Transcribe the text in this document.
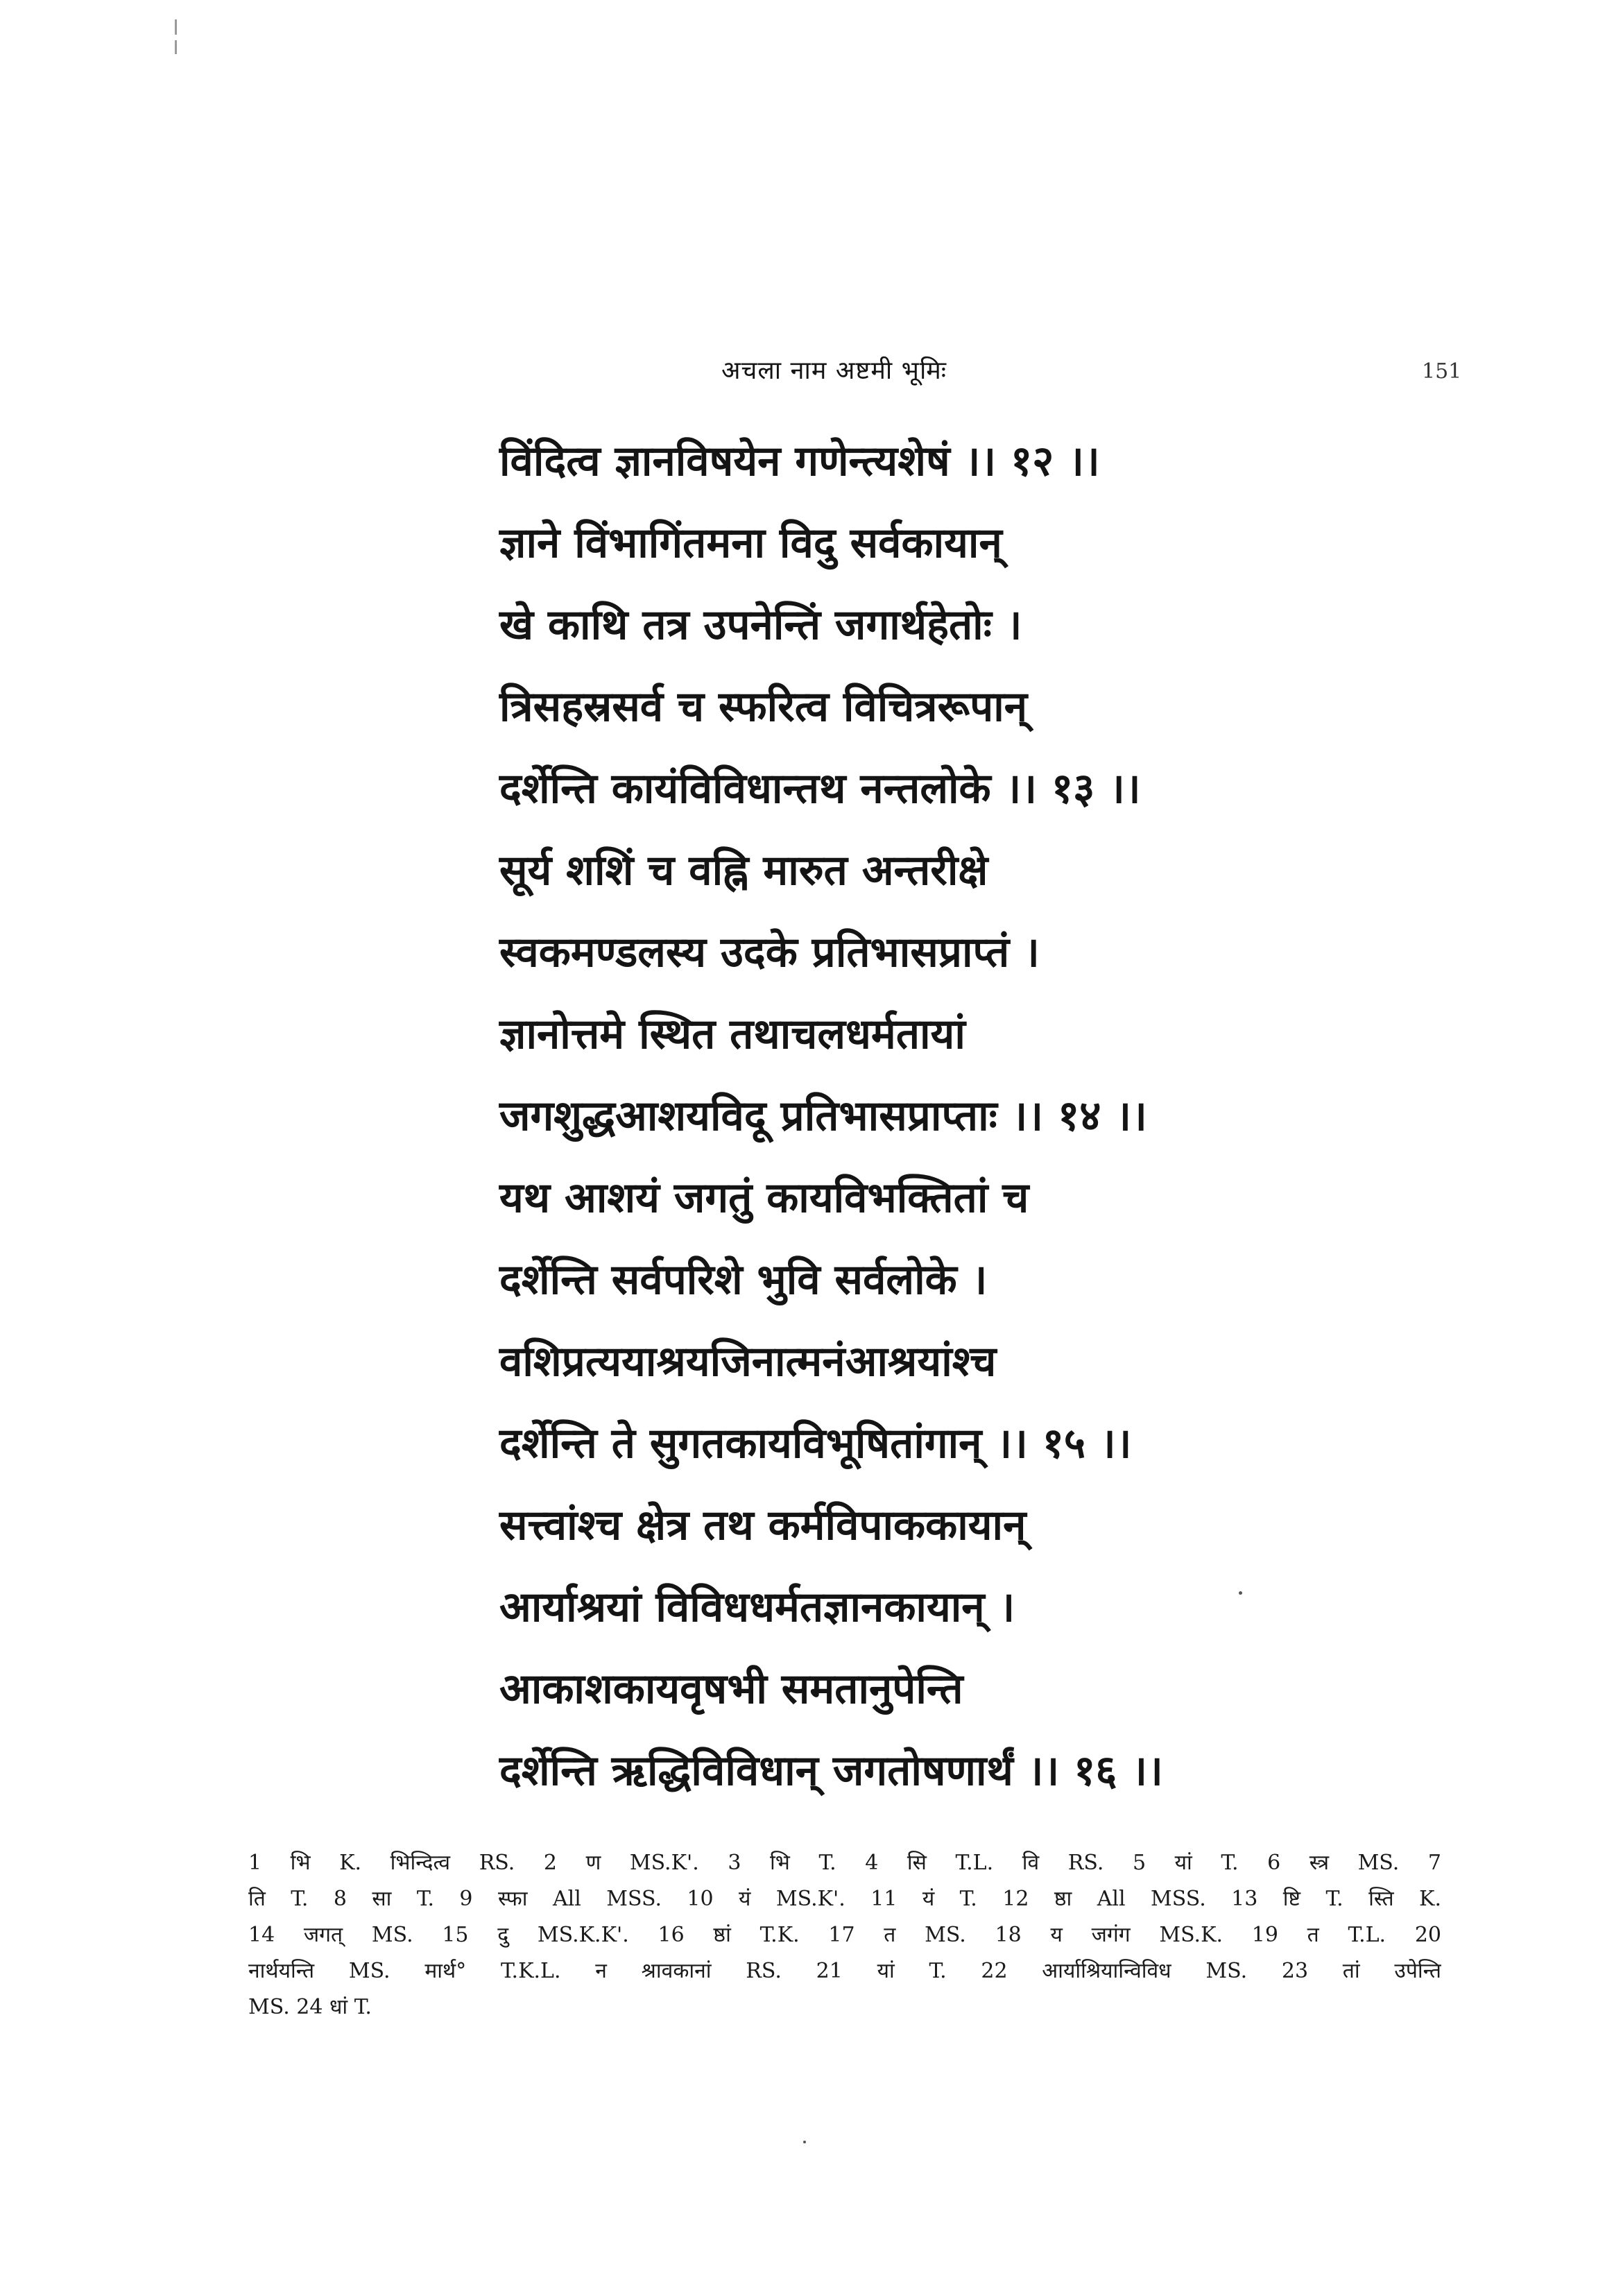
अचला नाम अष्टमी भूमिः	151
विंदित्व ज्ञानविषयेन गणेन्त्यशेषं ।। १२ ।।
ज्ञाने विंभागिंतमना विदु सर्वकायान्
खे काथि तत्र उपनेन्तिं जगार्थहेतोः ।
त्रिसहस्रसर्व च स्फरित्व विचित्ररूपान्
दर्शेन्ति कायंविविधान्तथ नन्तलोके ।। १३ ।।
सूर्य शशिं च वह्नि मारुत अन्तरीक्षे
स्वकमण्डलस्य उदके प्रतिभासप्राप्तं ।
ज्ञानोत्तमे स्थित तथाचलधर्मतायां
जगशुद्धआशयविदू प्रतिभासप्राप्ताः ।। १४ ।।
यथ आशयं जगतुं कायविभक्तितां च
दर्शेन्ति सर्वपरिशे भुवि सर्वलोके ।
वशिप्रत्ययाश्रयजिनात्मनंआश्रयांश्च
दर्शेन्ति ते सुगतकायविभूषितांगान् ।। १५ ।।
सत्त्वांश्च क्षेत्र तथ कर्मविपाककायान्
आर्याश्रयां विविधधर्मतज्ञानकायान् ।
आकाशकायवृषभी समतानुपेन्ति
दर्शेन्ति ऋद्धिविविधान् जगतोषणार्थं ।। १६ ।।
1 भि K. भिन्दित्व RS. 2 ण MS.K'. 3 भि T. 4 सि T.L. वि RS. 5 यां T. 6 स्त्र MS. 7
ति T. 8 सा T. 9 स्फा All MSS. 10 यं MS.K'. 11 यं T. 12 ष्ठा All MSS. 13 ष्टि T. स्ति K.
14 जगत् MS. 15 दु MS.K.K'. 16 ष्ठां T.K. 17 त MS. 18 य जगंग MS.K. 19 त T.L. 20
नार्थयन्ति MS. मार्थ° T.K.L. न श्रावकानां RS. 21 यां T. 22 आर्याश्रियान्विविध MS. 23 तां उपेन्ति
MS. 24 धां T.
